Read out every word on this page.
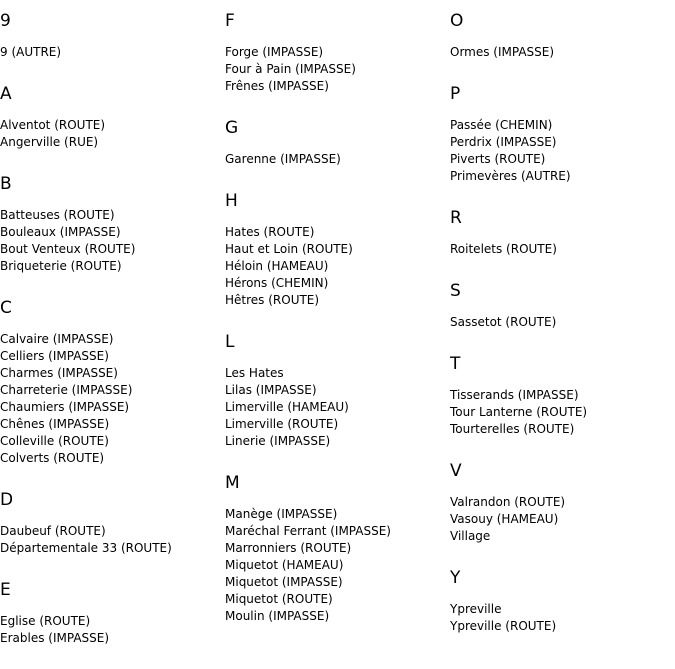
9
9 (AUTRE)
A
Alventot (ROUTE)
Angerville (RUE)
B
Batteuses (ROUTE)
Bouleaux (IMPASSE)
Bout Venteux (ROUTE)
Briqueterie (ROUTE)
C
Calvaire (IMPASSE)
Celliers (IMPASSE)
Charmes (IMPASSE)
Charreterie (IMPASSE)
Chaumiers (IMPASSE)
Chênes (IMPASSE)
Colleville (ROUTE)
Colverts (ROUTE)
D
Daubeuf (ROUTE)
Départementale 33 (ROUTE)
E
Eglise (ROUTE)
Erables (IMPASSE)
F
Forge (IMPASSE)
Four à Pain (IMPASSE)
Frênes (IMPASSE)
G
Garenne (IMPASSE)
H
Hates (ROUTE)
Haut et Loin (ROUTE)
Héloin (HAMEAU)
Hérons (CHEMIN)
Hêtres (ROUTE)
L
Les Hates
Lilas (IMPASSE)
Limerville (HAMEAU)
Limerville (ROUTE)
Linerie (IMPASSE)
M
Manège (IMPASSE)
Maréchal Ferrant (IMPASSE)
Marronniers (ROUTE)
Miquetot (HAMEAU)
Miquetot (IMPASSE)
Miquetot (ROUTE)
Moulin (IMPASSE)
O
Ormes (IMPASSE)
P
Passée (CHEMIN)
Perdrix (IMPASSE)
Piverts (ROUTE)
Primevères (AUTRE)
R
Roitelets (ROUTE)
S
Sassetot (ROUTE)
T
Tisserands (IMPASSE)
Tour Lanterne (ROUTE)
Tourterelles (ROUTE)
V
Valrandon (ROUTE)
Vasouy (HAMEAU)
Village
Y
Ypreville
Ypreville (ROUTE)
